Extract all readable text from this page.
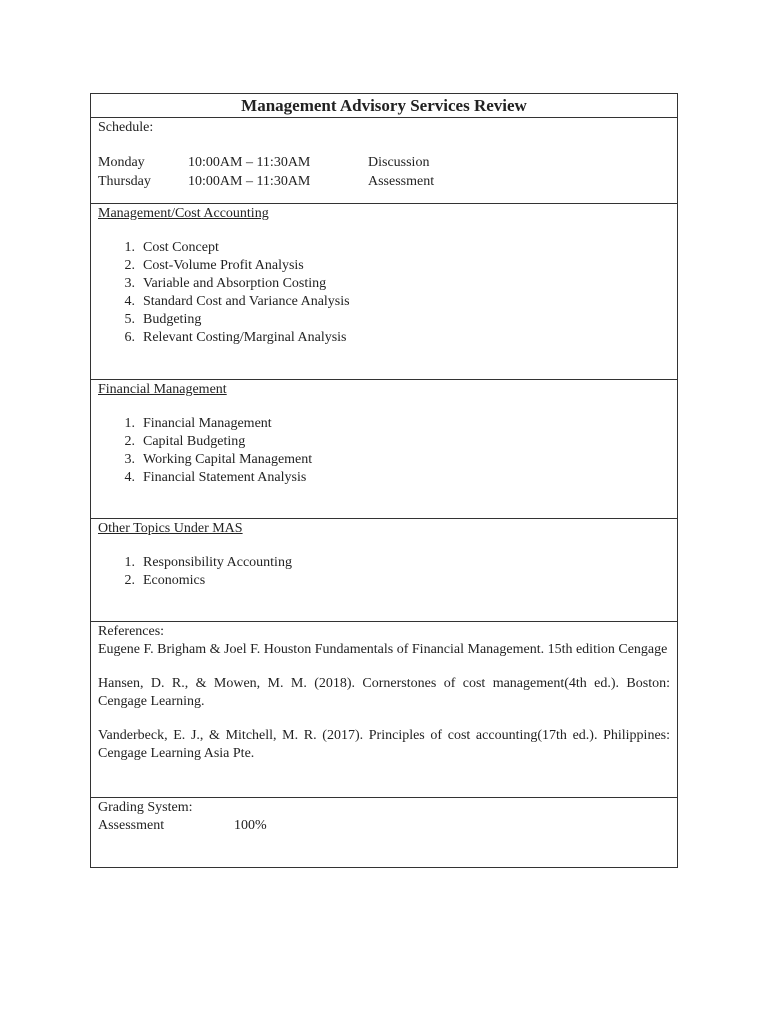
Management Advisory Services Review
Schedule:
Monday	10:00AM – 11:30AM	Discussion
Thursday	10:00AM – 11:30AM	Assessment
Management/Cost Accounting
1. Cost Concept
2. Cost-Volume Profit Analysis
3. Variable and Absorption Costing
4. Standard Cost and Variance Analysis
5. Budgeting
6. Relevant Costing/Marginal Analysis
Financial Management
1. Financial Management
2. Capital Budgeting
3. Working Capital Management
4. Financial Statement Analysis
Other Topics Under MAS
1. Responsibility Accounting
2. Economics
References:
Eugene F. Brigham & Joel F. Houston Fundamentals of Financial Management. 15th edition Cengage
Hansen, D. R., & Mowen, M. M. (2018). Cornerstones of cost management(4th ed.). Boston: Cengage Learning.
Vanderbeck, E. J., & Mitchell, M. R. (2017). Principles of cost accounting(17th ed.). Philippines: Cengage Learning Asia Pte.
Grading System:
Assessment	100%
